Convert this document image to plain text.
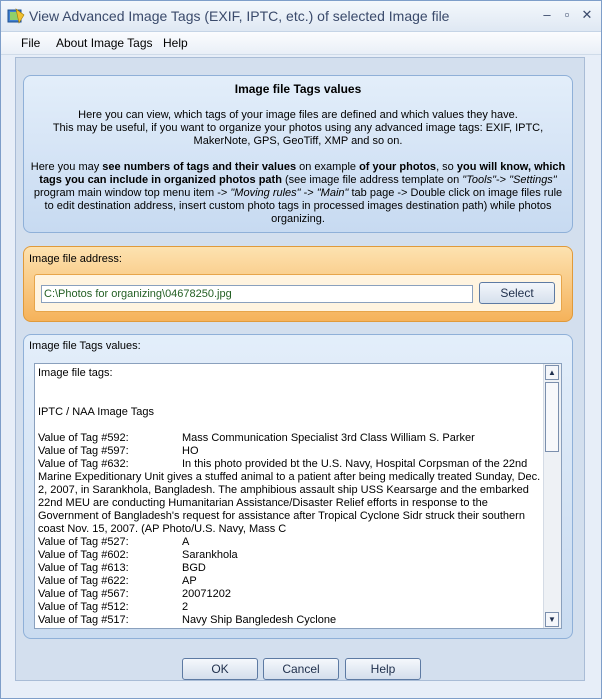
View Advanced Image Tags (EXIF, IPTC, etc.) of selected Image file	–	▫ ✕
File About Image Tags Help
Image file Tags values
Here you can view, which tags of your image files are defined and which values they have.
This may be useful, if you want to organize your photos using any advanced image tags: EXIF, IPTC,
MakerNote, GPS, GeoTiff, XMP and so on.
Here you may see numbers of tags and their values on example of your photos, so you will know, which tags you can include in organized photos path (see image file address template on "Tools"-> "Settings" program main window top menu item -> "Moving rules" -> "Main" tab page -> Double click on image files rule to edit destination address, insert custom photo tags in processed images destination path) while photos organizing.
Image file address:
C:\Photos for organizing\04678250.jpg
Select
Image file Tags values:
Image file tags:
IPTC / NAA Image Tags
Value of Tag #592:	Mass Communication Specialist 3rd Class William S. Parker
Value of Tag #597:	HO
Value of Tag #632:	In this photo provided bt the U.S. Navy, Hospital Corpsman of the 22nd
Marine Expeditionary Unit gives a stuffed animal to a patient after being medically treated Sunday, Dec. 2, 2007, in Sarankhola, Bangladesh. The amphibious assault ship USS Kearsarge and the embarked 22nd MEU are conducting Humanitarian Assistance/Disaster Relief efforts in response to the Government of Bangladesh's request for assistance after Tropical Cyclone Sidr struck their southern coast Nov. 15, 2007. (AP Photo/U.S. Navy, Mass C
Value of Tag #527:	A
Value of Tag #602:	Sarankhola
Value of Tag #613:	BGD
Value of Tag #622:	AP
Value of Tag #567:	20071202
Value of Tag #512:	2
Value of Tag #517:	Navy Ship Bangledesh Cyclone
▲
▼
OK	Cancel	Help
